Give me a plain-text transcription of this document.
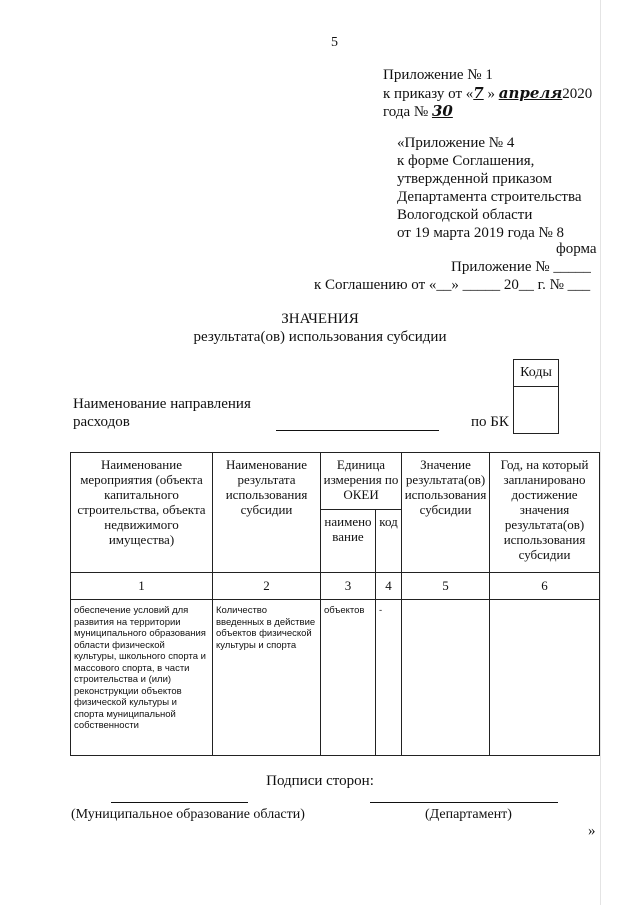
5
Приложение № 1
к приказу от «7 » апреля2020
года № 30
«Приложение № 4
к форме Соглашения,
утвержденной приказом
Департамента строительства
Вологодской области
от 19 марта 2019 года № 8
форма
Приложение № _____
к Соглашению от «__» _____ 20__ г. № ___
ЗНАЧЕНИЯ
результата(ов) использования субсидии
Коды
Наименование направления
расходов	по БК
Наименование мероприятия (объекта капитального строительства, объекта недвижимого имущества)	Наименование результата использования субсидии	Единица измерения по ОКЕИ		Значение результата(ов) использования субсидии	Год, на который запланировано достижение значения результата(ов) использования субсидии
		наименование	код		
1	2	3	4	5	6
обеспечение условий для развития на территории муниципального образования области физической культуры, школьного спорта и массового спорта, в части строительства и (или) реконструкции объектов физической культуры и спорта муниципальной собственности	Количество введенных в действие объектов физической культуры и спорта	объектов	-		
Подписи сторон:
(Муниципальное образование области)	(Департамент)
»
